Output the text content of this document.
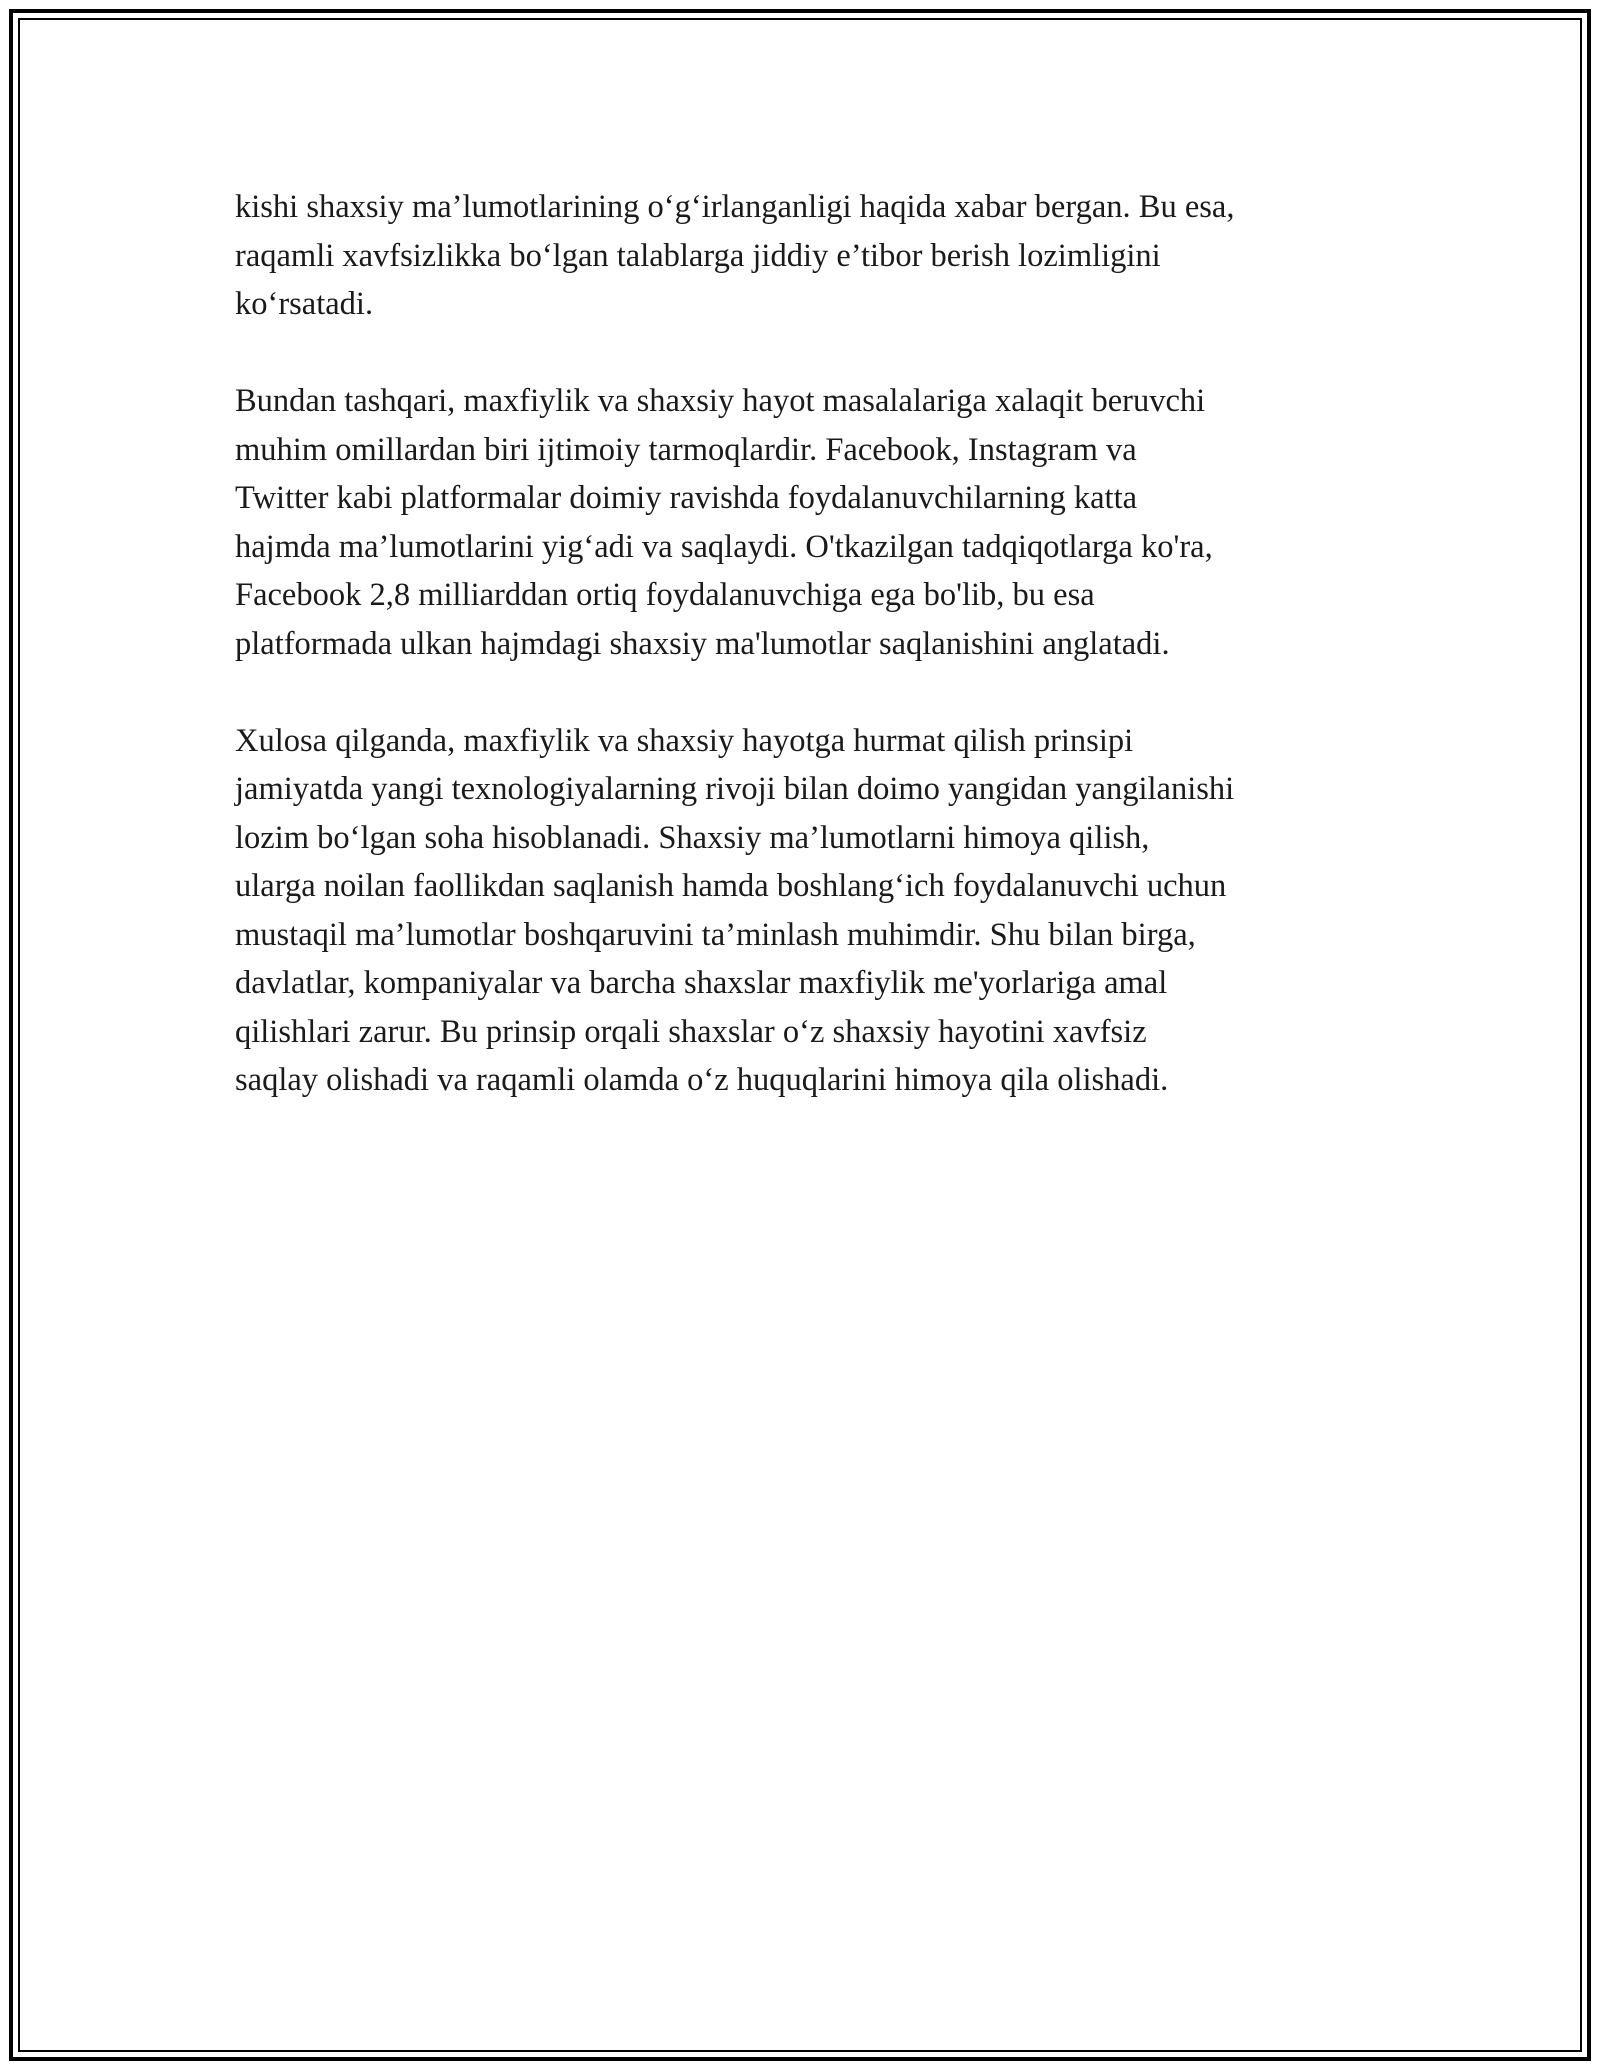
kishi shaxsiy ma’lumotlarining o‘g‘irlanganligi haqida xabar bergan. Bu esa,
raqamli xavfsizlikka bo‘lgan talablarga jiddiy e’tibor berish lozimligini
ko‘rsatadi.

Bundan tashqari, maxfiylik va shaxsiy hayot masalalariga xalaqit beruvchi
muhim omillardan biri ijtimoiy tarmoqlardir. Facebook, Instagram va
Twitter kabi platformalar doimiy ravishda foydalanuvchilarning katta
hajmda ma’lumotlarini yig‘adi va saqlaydi. O'tkazilgan tadqiqotlarga ko'ra,
Facebook 2,8 milliarddan ortiq foydalanuvchiga ega bo'lib, bu esa
platformada ulkan hajmdagi shaxsiy ma'lumotlar saqlanishini anglatadi.

Xulosa qilganda, maxfiylik va shaxsiy hayotga hurmat qilish prinsipi
jamiyatda yangi texnologiyalarning rivoji bilan doimo yangidan yangilanishi
lozim bo‘lgan soha hisoblanadi. Shaxsiy ma’lumotlarni himoya qilish,
ularga noilan faollikdan saqlanish hamda boshlang‘ich foydalanuvchi uchun
mustaqil ma’lumotlar boshqaruvini ta’minlash muhimdir. Shu bilan birga,
davlatlar, kompaniyalar va barcha shaxslar maxfiylik me'yorlariga amal
qilishlari zarur. Bu prinsip orqali shaxslar o‘z shaxsiy hayotini xavfsiz
saqlay olishadi va raqamli olamda o‘z huquqlarini himoya qila olishadi.
